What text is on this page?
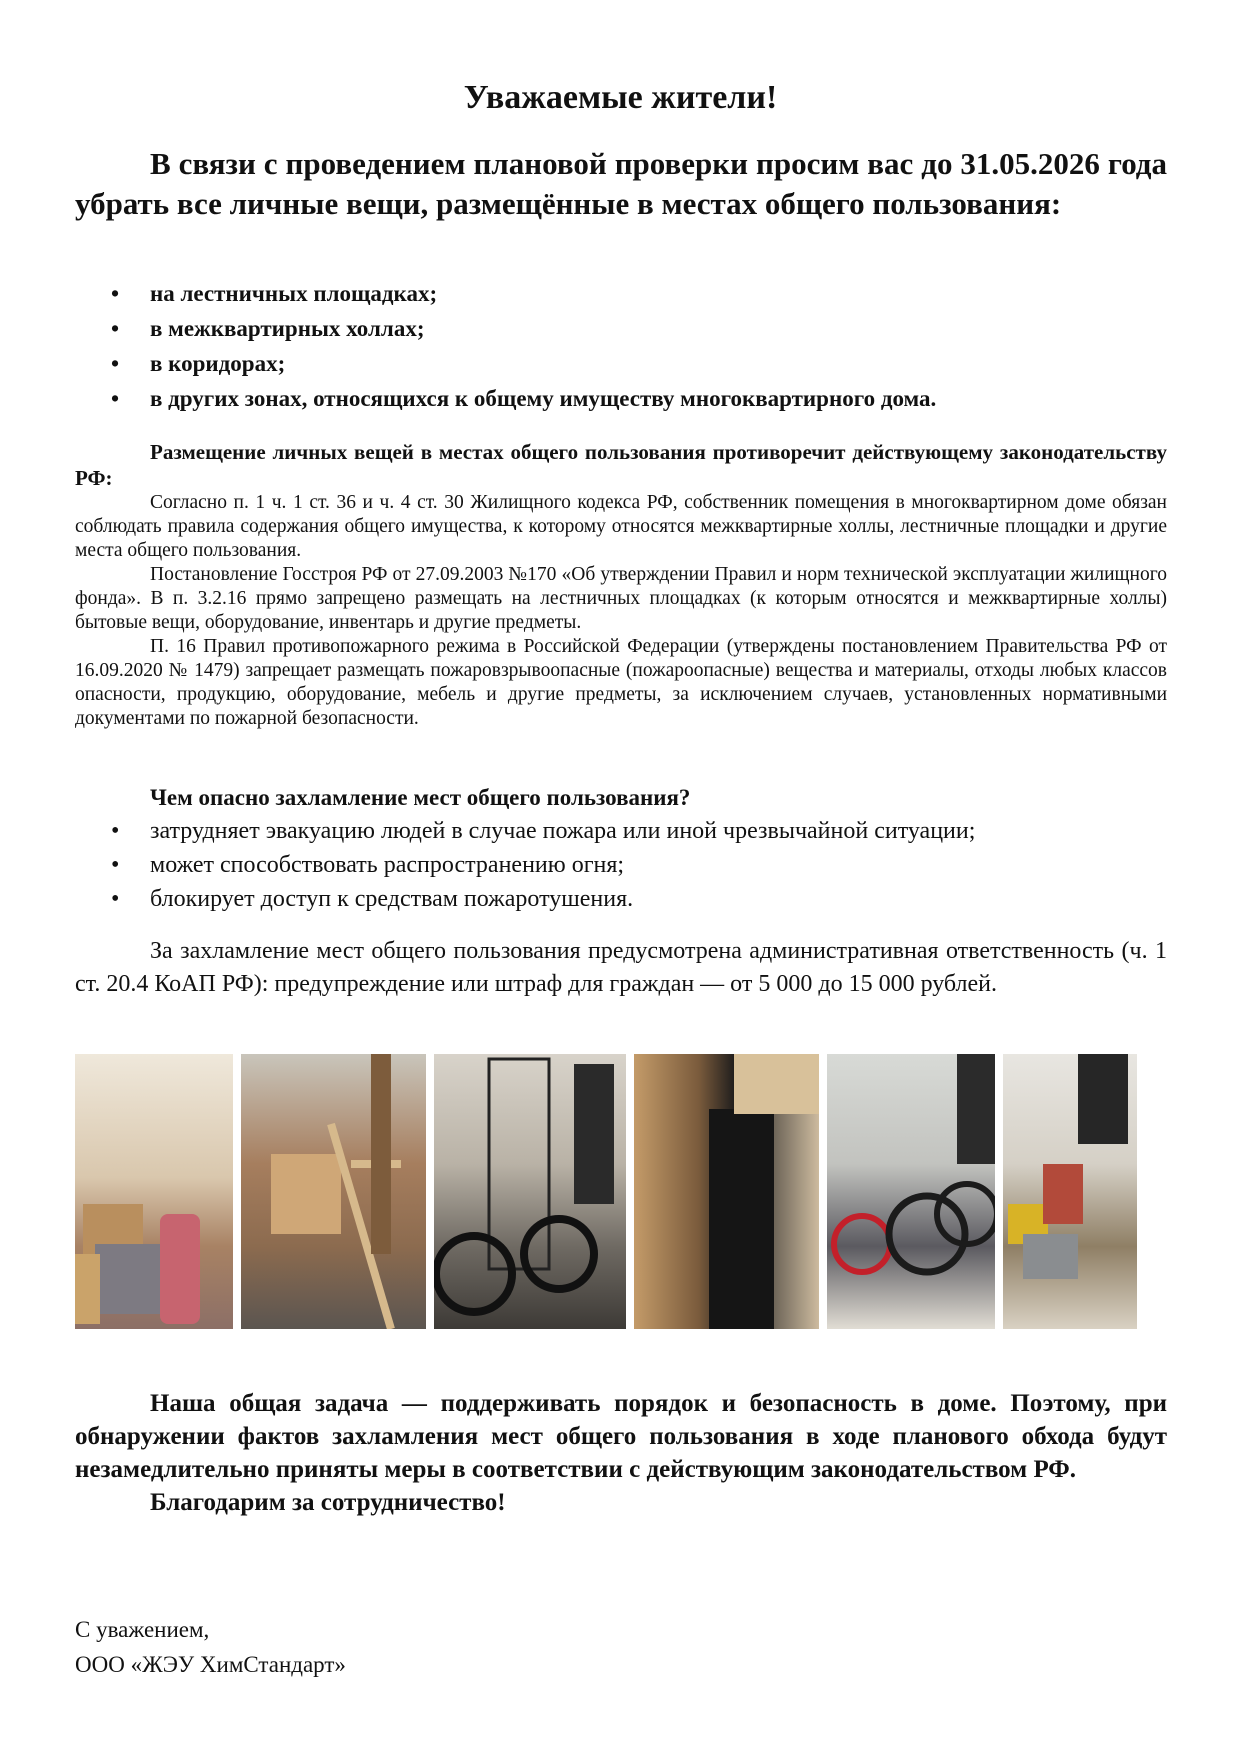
Уважаемые жители!

В связи с проведением плановой проверки просим вас до 31.05.2026 года убрать все личные вещи, размещённые в местах общего пользования:

• на лестничных площадках;
• в межквартирных холлах;
• в коридорах;
• в других зонах, относящихся к общему имуществу многоквартирного дома.

Размещение личных вещей в местах общего пользования противоречит действующему законодательству РФ:

Согласно п. 1 ч. 1 ст. 36 и ч. 4 ст. 30 Жилищного кодекса РФ, собственник помещения в многоквартирном доме обязан соблюдать правила содержания общего имущества, к которому относятся межквартирные холлы, лестничные площадки и другие места общего пользования.

Постановление Госстроя РФ от 27.09.2003 №170 «Об утверждении Правил и норм технической эксплуатации жилищного фонда». В п. 3.2.16 прямо запрещено размещать на лестничных площадках (к которым относятся и межквартирные холлы) бытовые вещи, оборудование, инвентарь и другие предметы.

П. 16 Правил противопожарного режима в Российской Федерации (утверждены постановлением Правительства РФ от 16.09.2020 № 1479) запрещает размещать пожаровзрывоопасные (пожароопасные) вещества и материалы, отходы любых классов опасности, продукцию, оборудование, мебель и другие предметы, за исключением случаев, установленных нормативными документами по пожарной безопасности.

Чем опасно захламление мест общего пользования?
• затрудняет эвакуацию людей в случае пожара или иной чрезвычайной ситуации;
• может способствовать распространению огня;
• блокирует доступ к средствам пожаротушения.

За захламление мест общего пользования предусмотрена административная ответственность (ч. 1 ст. 20.4 КоАП РФ): предупреждение или штраф для граждан — от 5 000 до 15 000 рублей.

Наша общая задача — поддерживать порядок и безопасность в доме. Поэтому, при обнаружении фактов захламления мест общего пользования в ходе планового обхода будут незамедлительно приняты меры в соответствии с действующим законодательством РФ.

Благодарим за сотрудничество!

С уважением,
ООО «ЖЭУ ХимСтандарт»
